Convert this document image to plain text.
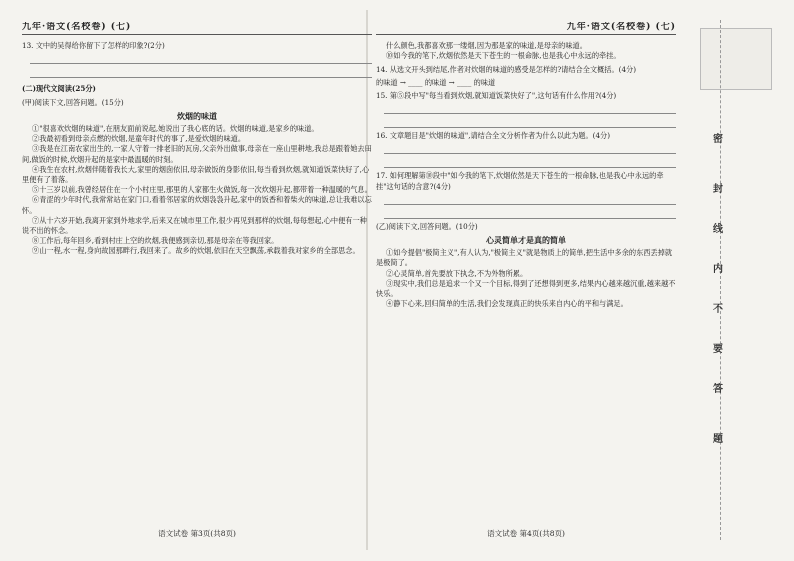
九年·语文(名校卷) (七)
13. 文中的吴得给你留下了怎样的印象?(2分)
(二)现代文阅读(25分)
(甲)阅读下文,回答问题。(15分)
炊烟的味道

①"很喜欢炊烟的味道",在朋友面前说起,她说出了我心底的话。炊烟的味道,是家乡的味道。

②我最初看到母亲点燃的炊烟,是童年时代的事了,是爱炊烟的味道。

③我是在江南农家出生的,一家人守着一排老旧的瓦房,父亲外出做事,母亲在一座山里耕地,我总是跟着她去田间,做饭的时候,炊烟升起的是家中最温暖的时刻。

④我生在农村,炊烟伴随着我长大,家里的烟囱依旧,母亲做饭的身影依旧,每当看到炊烟,就知道饭菜快好了,心里便有了着落。

⑤十三岁以前,我曾经居住在一个小村庄里,那里的人家都生火做饭,每一次炊烟升起,都带着一种温暖的气息。

⑥青涩的少年时代,我常常站在家门口,看着邻居家的炊烟袅袅升起,家中的饭香和着柴火的味道,总让我难以忘怀。

⑦从十六岁开始,我离开家到外地求学,后来又在城市里工作,很少再见到那样的炊烟,每每想起,心中便有一种说不出的怀念。

⑧工作后,每年回乡,看到村庄上空的炊烟,我便感到亲切,那是母亲在等我回家。

⑨山一程,水一程,身向故园那畔行,我回来了。故乡的炊烟,依旧在天空飘荡,承载着我对家乡的全部思念。

语文试卷 第3页(共8页)
九年·语文(名校卷) (七)

什么颜色,我都喜欢那一缕烟,因为那是家的味道,是母亲的味道。

⑩如今我的笔下,炊烟依然是天下苍生的一根命脉,也是我心中永远的牵挂。

14. 从选文开头到结尾,作者对炊烟的味道的感受是怎样的?请结合全文概括。(4分)
的味道 → ____ 的味道 → ____ 的味道
15. 第⑤段中写"每当看到炊烟,就知道饭菜快好了",这句话有什么作用?(4分)
16. 文章题目是"炊烟的味道",请结合全文分析作者为什么以此为题。(4分)
17. 如何理解第⑩段中"如今我的笔下,炊烟依然是天下苍生的一根命脉,也是我心中永远的牵挂"这句话的含意?(4分)
(乙)阅读下文,回答问题。(10分)
心灵简单才是真的简单

①如今提倡"极简主义",有人认为,"极简主义"就是物质上的简单,把生活中多余的东西丢掉就是极简了。

②心灵简单,首先要放下执念,不为外物所累。

③现实中,我们总是追求一个又一个目标,得到了还想得到更多,结果内心越来越沉重,越来越不快乐。

④静下心来,回归简单的生活,我们会发现真正的快乐来自内心的平和与满足。

语文试卷 第4页(共8页)
密
封
线
内
不
要
答
题
